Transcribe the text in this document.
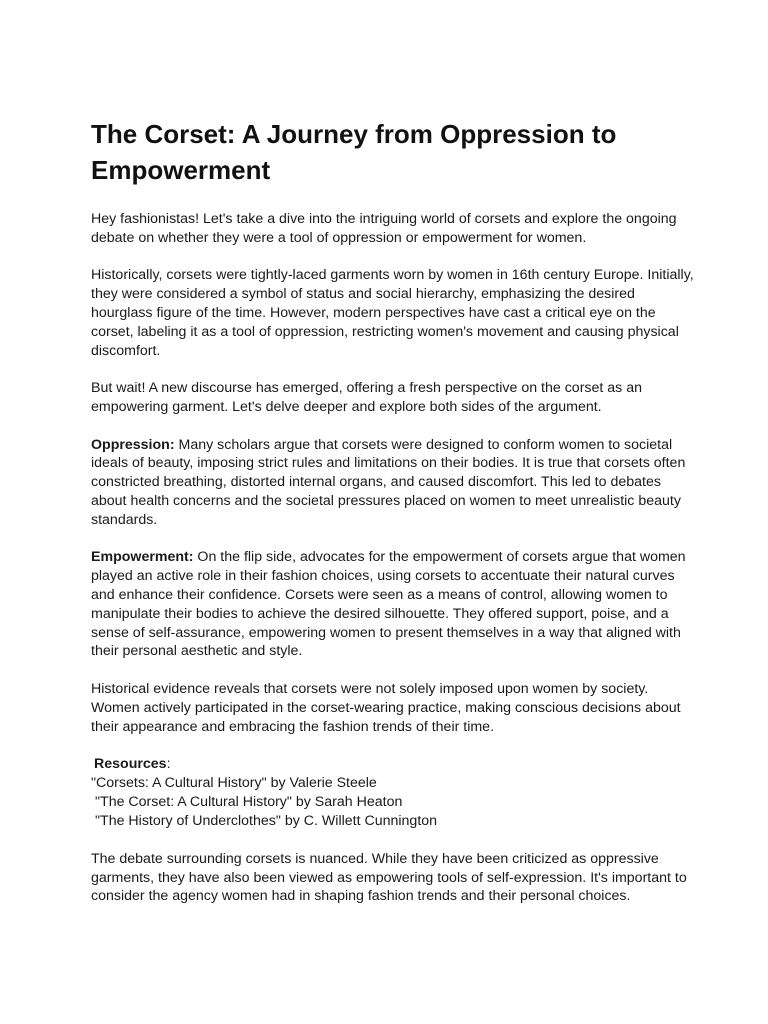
The Corset: A Journey from Oppression to Empowerment

Hey fashionistas! Let's take a dive into the intriguing world of corsets and explore the ongoing debate on whether they were a tool of oppression or empowerment for women.

Historically, corsets were tightly-laced garments worn by women in 16th century Europe. Initially, they were considered a symbol of status and social hierarchy, emphasizing the desired hourglass figure of the time. However, modern perspectives have cast a critical eye on the corset, labeling it as a tool of oppression, restricting women's movement and causing physical discomfort.

But wait! A new discourse has emerged, offering a fresh perspective on the corset as an empowering garment. Let's delve deeper and explore both sides of the argument.

Oppression: Many scholars argue that corsets were designed to conform women to societal ideals of beauty, imposing strict rules and limitations on their bodies. It is true that corsets often constricted breathing, distorted internal organs, and caused discomfort. This led to debates about health concerns and the societal pressures placed on women to meet unrealistic beauty standards.

Empowerment: On the flip side, advocates for the empowerment of corsets argue that women played an active role in their fashion choices, using corsets to accentuate their natural curves and enhance their confidence. Corsets were seen as a means of control, allowing women to manipulate their bodies to achieve the desired silhouette. They offered support, poise, and a sense of self-assurance, empowering women to present themselves in a way that aligned with their personal aesthetic and style.

Historical evidence reveals that corsets were not solely imposed upon women by society. Women actively participated in the corset-wearing practice, making conscious decisions about their appearance and embracing the fashion trends of their time.

Resources:
"Corsets: A Cultural History" by Valerie Steele
"The Corset: A Cultural History" by Sarah Heaton
"The History of Underclothes" by C. Willett Cunnington

The debate surrounding corsets is nuanced. While they have been criticized as oppressive garments, they have also been viewed as empowering tools of self-expression. It's important to consider the agency women had in shaping fashion trends and their personal choices.
